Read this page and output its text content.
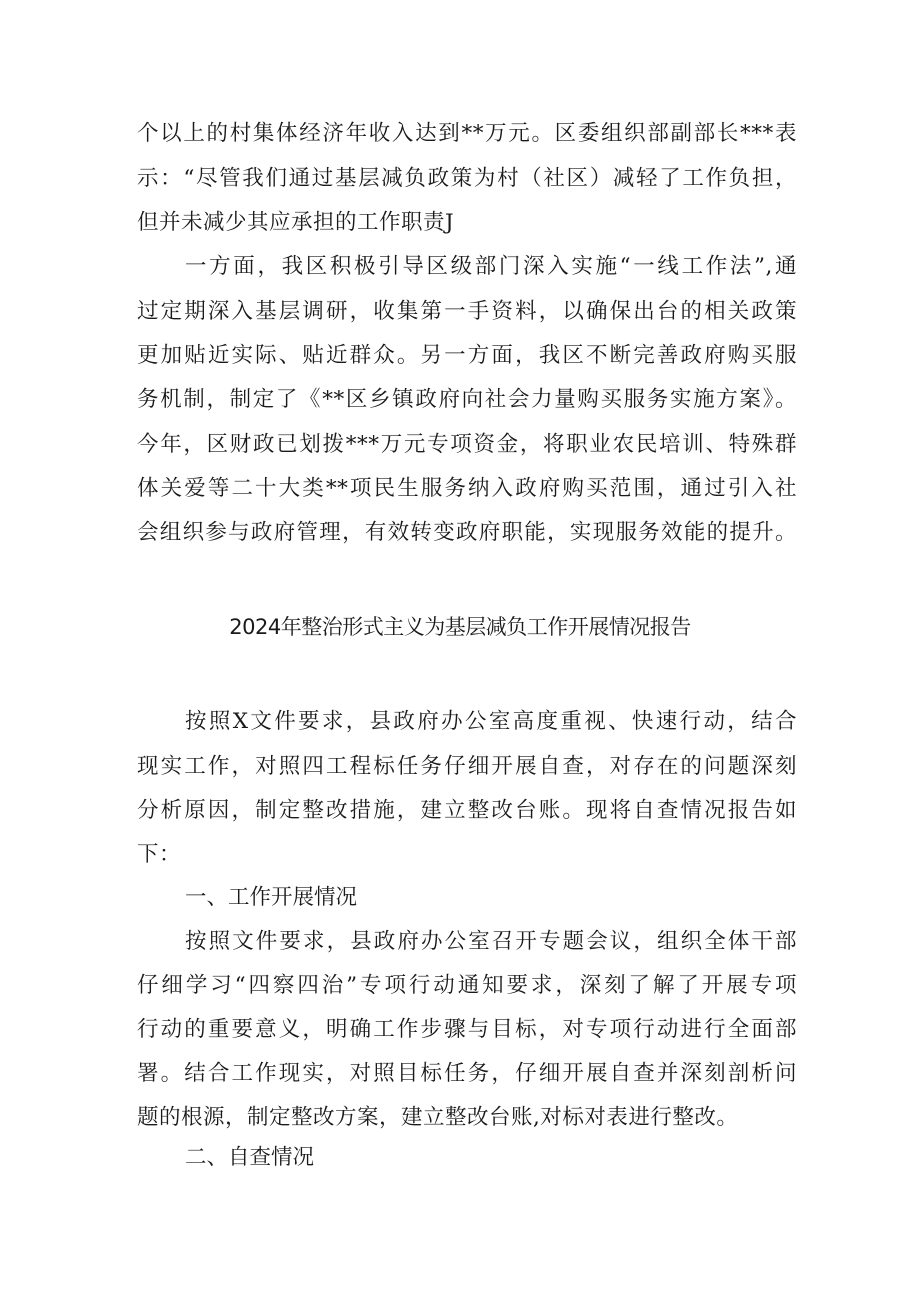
个以上的村集体经济年收入达到**万元。区委组织部副部长***表
示：“尽管我们通过基层减负政策为村（社区）减轻了工作负担，
但并未减少其应承担的工作职责J
一方面，我区积极引导区级部门深入实施“一线工作法”,通
过定期深入基层调研，收集第一手资料，以确保出台的相关政策
更加贴近实际、贴近群众。另一方面，我区不断完善政府购买服
务机制，制定了《**区乡镇政府向社会力量购买服务实施方案》。
今年，区财政已划拨***万元专项资金，将职业农民培训、特殊群
体关爱等二十大类**项民生服务纳入政府购买范围，通过引入社
会组织参与政府管理，有效转变政府职能，实现服务效能的提升。
2024年整治形式主义为基层减负工作开展情况报告
按照X文件要求，县政府办公室高度重视、快速行动，结合
现实工作，对照四工程标任务仔细开展自查，对存在的问题深刻
分析原因，制定整改措施，建立整改台账。现将自查情况报告如
下：
一、工作开展情况
按照文件要求，县政府办公室召开专题会议，组织全体干部
仔细学习“四察四治”专项行动通知要求，深刻了解了开展专项
行动的重要意义，明确工作步骤与目标，对专项行动进行全面部
署。结合工作现实，对照目标任务，仔细开展自查并深刻剖析问
题的根源，制定整改方案，建立整改台账,对标对表进行整改。
二、自查情况
